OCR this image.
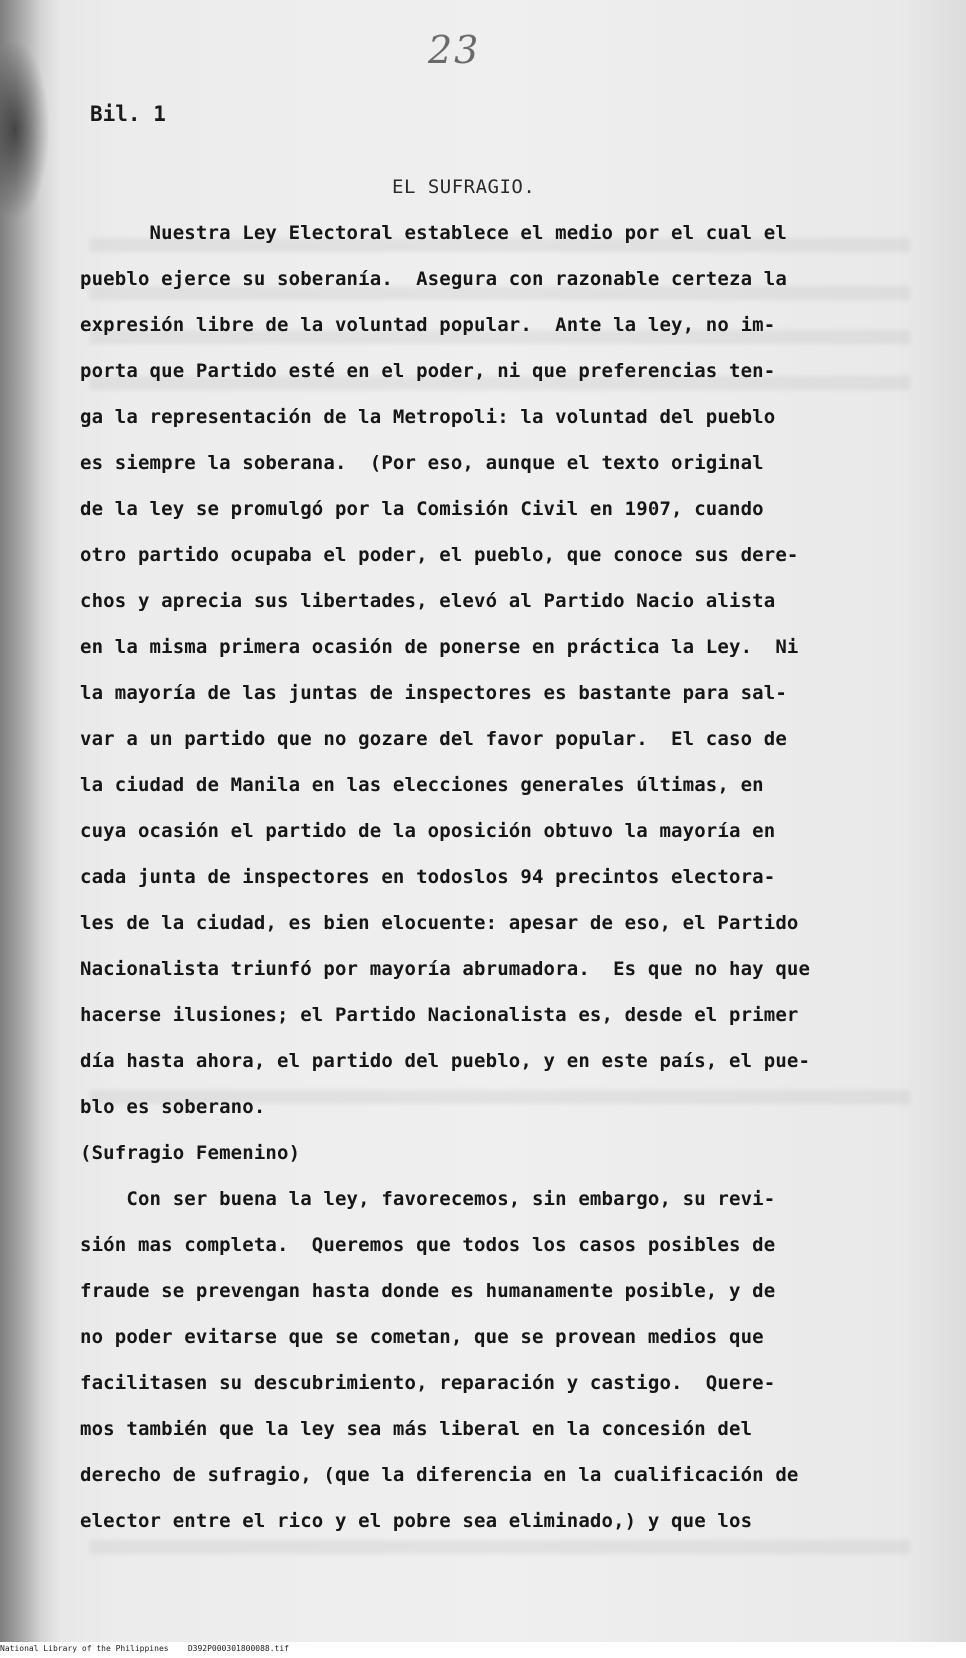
23
Bil. 1
EL SUFRAGIO.
Nuestra Ley Electoral establece el medio por el cual el
pueblo ejerce su soberanía.  Asegura con razonable certeza la
expresión libre de la voluntad popular.  Ante la ley, no im-
porta que Partido esté en el poder, ni que preferencias ten-
ga la representación de la Metropoli: la voluntad del pueblo
es siempre la soberana.  (Por eso, aunque el texto original
de la ley se promulgó por la Comisión Civil en 1907, cuando
otro partido ocupaba el poder, el pueblo, que conoce sus dere-
chos y aprecia sus libertades, elevó al Partido Nacio alista
en la misma primera ocasión de ponerse en práctica la Ley.  Ni
la mayoría de las juntas de inspectores es bastante para sal-
var a un partido que no gozare del favor popular.  El caso de
la ciudad de Manila en las elecciones generales últimas, en
cuya ocasión el partido de la oposición obtuvo la mayoría en
cada junta de inspectores en todoslos 94 precintos electora-
les de la ciudad, es bien elocuente: apesar de eso, el Partido
Nacionalista triunfó por mayoría abrumadora.  Es que no hay que
hacerse ilusiones; el Partido Nacionalista es, desde el primer
día hasta ahora, el partido del pueblo, y en este país, el pue-
blo es soberano.
(Sufragio Femenino)
Con ser buena la ley, favorecemos, sin embargo, su revi-
sión mas completa.  Queremos que todos los casos posibles de
fraude se prevengan hasta donde es humanamente posible, y de
no poder evitarse que se cometan, que se provean medios que
facilitasen su descubrimiento, reparación y castigo.  Quere-
mos también que la ley sea más liberal en la concesión del
derecho de sufragio, (que la diferencia en la cualificación de
elector entre el rico y el pobre sea eliminado,) y que los
National Library of the Philippines    D392P000301800088.tif
